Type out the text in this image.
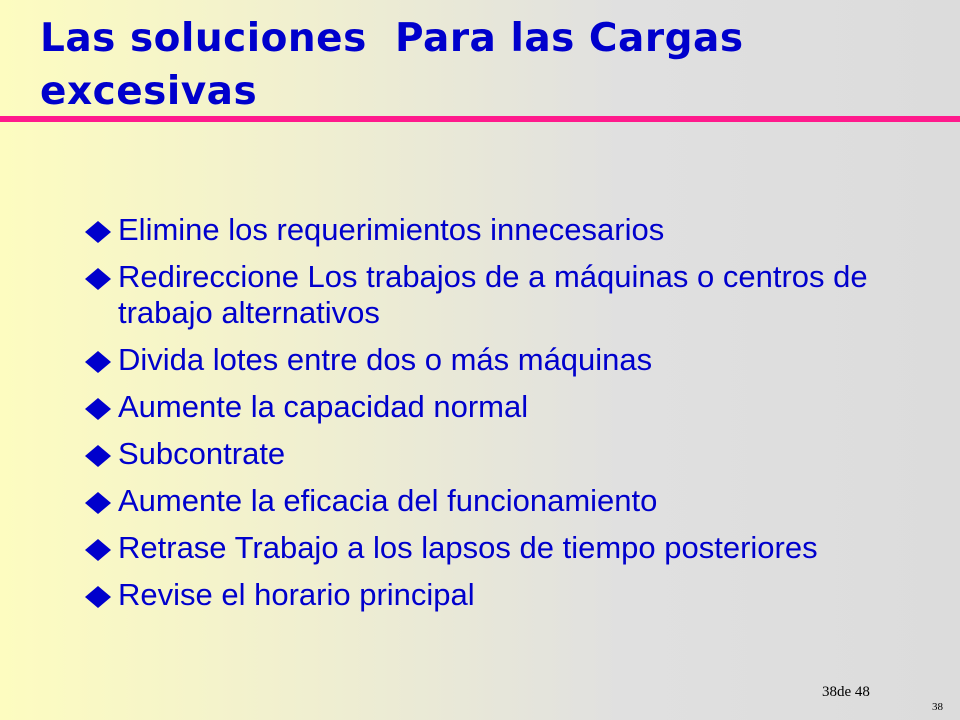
Las soluciones  Para las Cargas
excesivas
Elimine los requerimientos innecesarios
Redireccione Los trabajos de a máquinas o centros de trabajo alternativos
Divida lotes entre dos o más máquinas
Aumente la capacidad normal
Subcontrate
Aumente la eficacia del funcionamiento
Retrase Trabajo a los lapsos de tiempo posteriores
Revise el horario principal
38de 48
38
